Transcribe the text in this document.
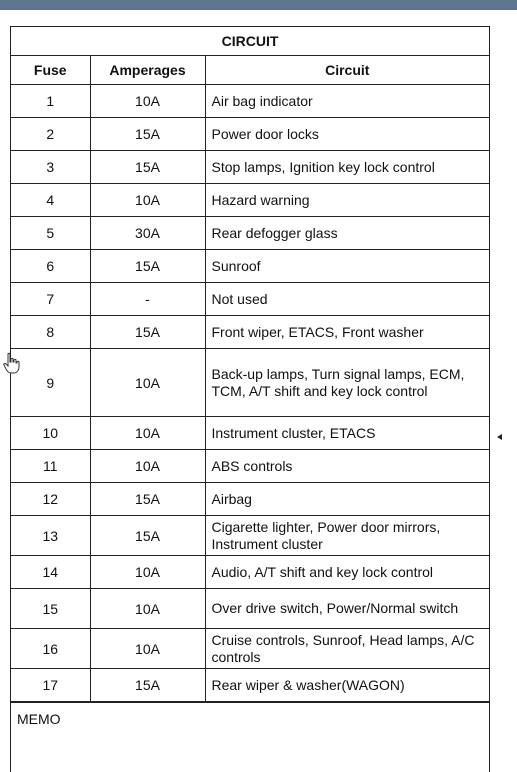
CIRCUIT		
Fuse	Amperages	Circuit
1	10A	Air bag indicator
2	15A	Power door locks
3	15A	Stop lamps, Ignition key lock control
4	10A	Hazard warning
5	30A	Rear defogger glass
6	15A	Sunroof
7	-	Not used
8	15A	Front wiper, ETACS, Front washer
9	10A	Back-up lamps, Turn signal lamps, ECM, TCM, A/T shift and key lock control
10	10A	Instrument cluster, ETACS
11	10A	ABS controls
12	15A	Airbag
13	15A	Cigarette lighter, Power door mirrors, Instrument cluster
14	10A	Audio, A/T shift and key lock control
15	10A	Over drive switch, Power/Normal switch
16	10A	Cruise controls, Sunroof, Head lamps, A/C controls
17	15A	Rear wiper & washer(WAGON)
MEMO
